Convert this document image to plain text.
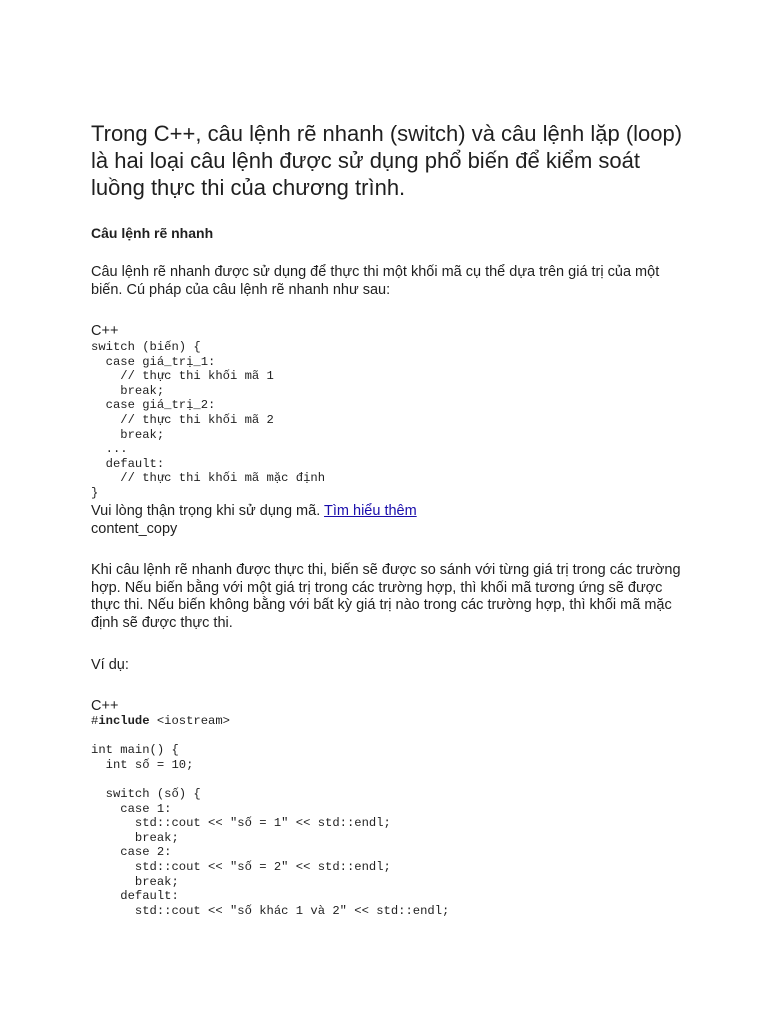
Trong C++, câu lệnh rẽ nhanh (switch) và câu lệnh lặp (loop) là hai loại câu lệnh được sử dụng phổ biến để kiểm soát luồng thực thi của chương trình.
Câu lệnh rẽ nhanh

Câu lệnh rẽ nhanh được sử dụng để thực thi một khối mã cụ thể dựa trên giá trị của một biến. Cú pháp của câu lệnh rẽ nhanh như sau:

C++
switch (biến) {
case giá_trị_1:
// thực thi khối mã 1
break;
case giá_trị_2:
// thực thi khối mã 2
break;
...
default:
// thực thi khối mã mặc định
}

Vui lòng thận trọng khi sử dụng mã. Tìm hiểu thêm

content_copy

Khi câu lệnh rẽ nhanh được thực thi, biến sẽ được so sánh với từng giá trị trong các trường hợp. Nếu biến bằng với một giá trị trong các trường hợp, thì khối mã tương ứng sẽ được thực thi. Nếu biến không bằng với bất kỳ giá trị nào trong các trường hợp, thì khối mã mặc định sẽ được thực thi.

Ví dụ:

C++
#include <iostream>

int main() {
int số = 10;

switch (số) {
case 1:
std::cout << "số = 1" << std::endl;
break;
case 2:
std::cout << "số = 2" << std::endl;
break;
default:
std::cout << "số khác 1 và 2" << std::endl;
